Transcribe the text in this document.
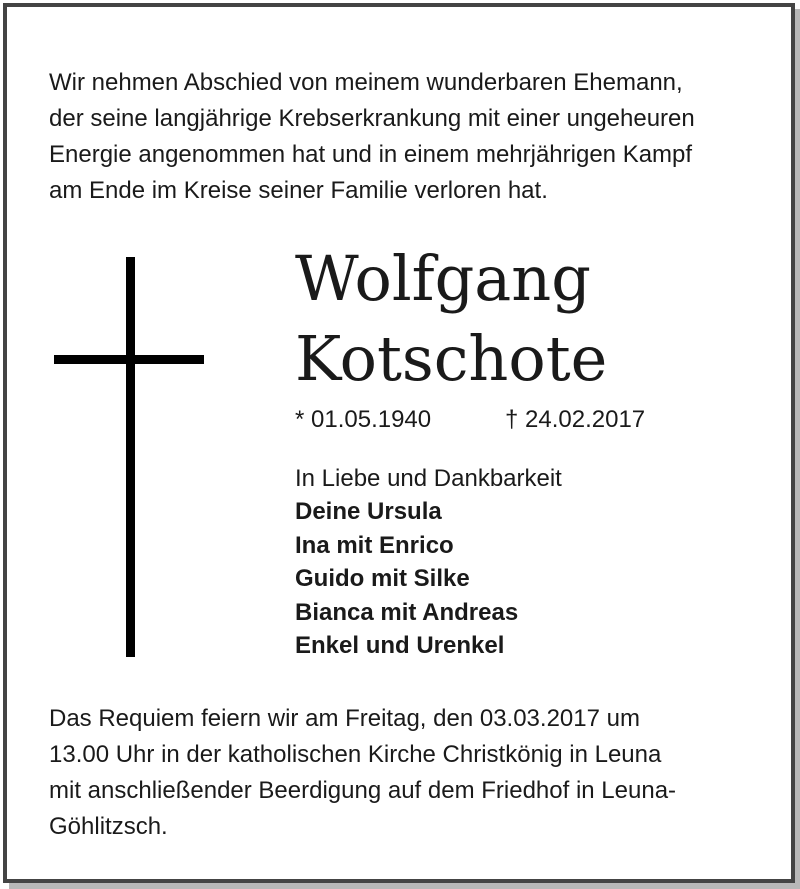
Wir nehmen Abschied von meinem wunderbaren Ehemann,
der seine langjährige Krebserkrankung mit einer ungeheuren
Energie angenommen hat und in einem mehrjährigen Kampf
am Ende im Kreise seiner Familie verloren hat.

Wolfgang
Kotschote
* 01.05.1940	† 24.02.2017
In Liebe und Dankbarkeit
Deine Ursula
Ina mit Enrico
Guido mit Silke
Bianca mit Andreas
Enkel und Urenkel

Das Requiem feiern wir am Freitag, den 03.03.2017 um
13.00 Uhr in der katholischen Kirche Christkönig in Leuna
mit anschließender Beerdigung auf dem Friedhof in Leuna-
Göhlitzsch.
